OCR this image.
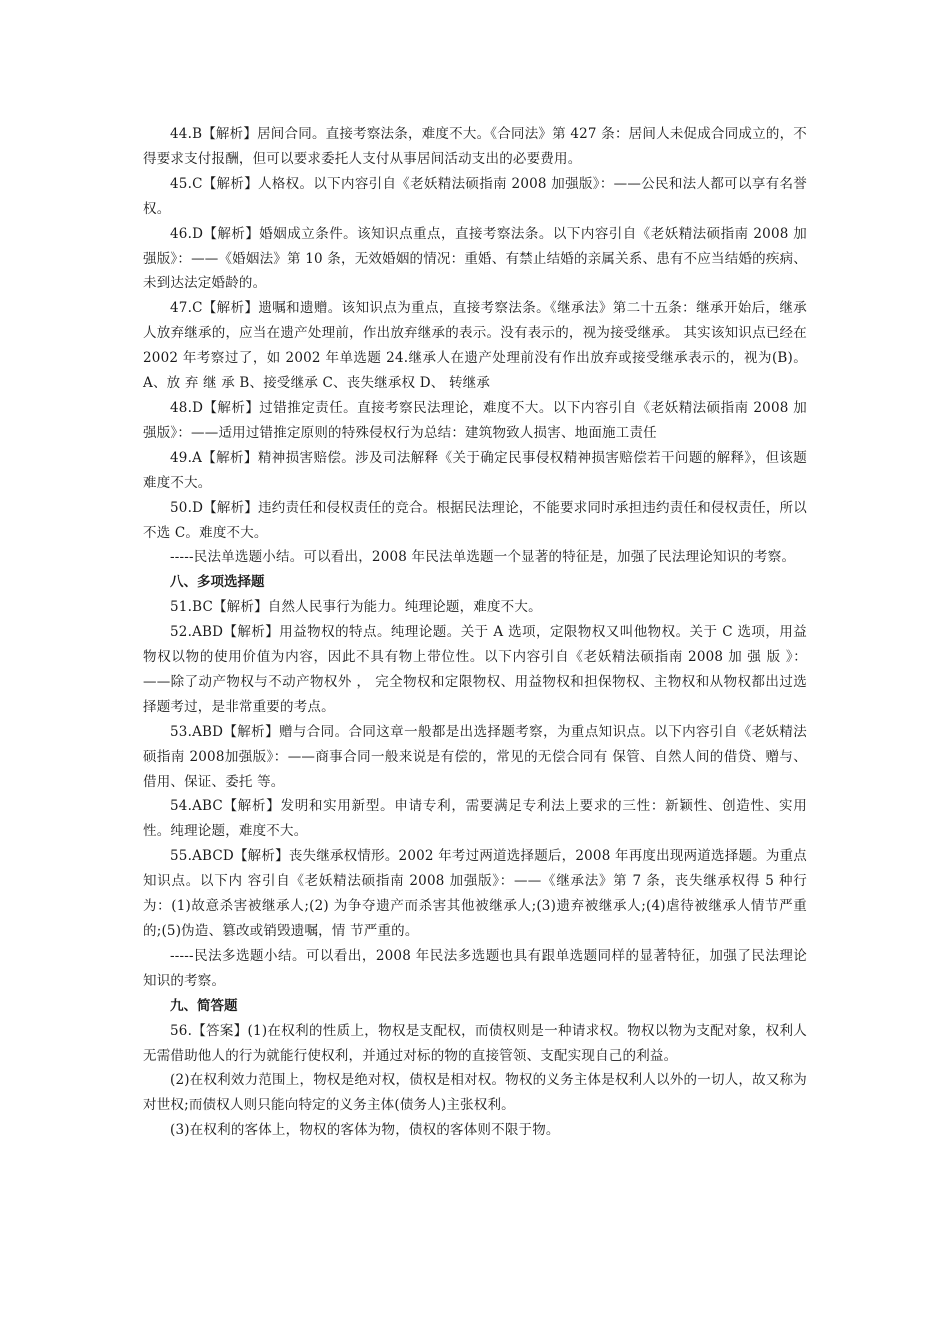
44.B【解析】居间合同。直接考察法条，难度不大。《合同法》第 427 条：居间人未促成合同成立的，不得要求支付报酬，但可以要求委托人支付从事居间活动支出的必要费用。

45.C【解析】人格权。以下内容引自《老妖精法硕指南 2008 加强版》：——公民和法人都可以享有名誉权。

46.D【解析】婚姻成立条件。该知识点重点，直接考察法条。以下内容引自《老妖精法硕指南 2008 加强版》：——《婚姻法》第 10 条，无效婚姻的情况：重婚、有禁止结婚的亲属关系、患有不应当结婚的疾病、未到达法定婚龄的。

47.C【解析】遗嘱和遗赠。该知识点为重点，直接考察法条。《继承法》第二十五条：继承开始后，继承人放弃继承的，应当在遗产处理前，作出放弃继承的表示。没有表示的，视为接受继承。 其实该知识点已经在 2002 年考察过了，如 2002 年单选题 24.继承人在遗产处理前没有作出放弃或接受继承表示的，视为(B)。 A、放 弃 继 承 B、接受继承 C、丧失继承权 D、 转继承

48.D【解析】过错推定责任。直接考察民法理论，难度不大。以下内容引自《老妖精法硕指南 2008 加强版》：——适用过错推定原则的特殊侵权行为总结：建筑物致人损害、地面施工责任

49.A【解析】精神损害赔偿。涉及司法解释《关于确定民事侵权精神损害赔偿若干问题的解释》，但该题难度不大。

50.D【解析】违约责任和侵权责任的竞合。根据民法理论，不能要求同时承担违约责任和侵权责任，所以不选 C。难度不大。

-----民法单选题小结。可以看出，2008 年民法单选题一个显著的特征是，加强了民法理论知识的考察。

八、多项选择题

51.BC【解析】自然人民事行为能力。纯理论题，难度不大。

52.ABD【解析】用益物权的特点。纯理论题。关于 A 选项，定限物权又叫他物权。关于 C 选项，用益物权以物的使用价值为内容，因此不具有物上带位性。以下内容引自《老妖精法硕指南 2008 加 强 版 》：——除了动产物权与不动产物权外 ， 完全物权和定限物权、用益物权和担保物权、主物权和从物权都出过选择题考过，是非常重要的考点。

53.ABD【解析】赠与合同。合同这章一般都是出选择题考察，为重点知识点。以下内容引自《老妖精法硕指南 2008加强版》：——商事合同一般来说是有偿的，常见的无偿合同有 保管、自然人间的借贷、赠与、借用、保证、委托 等。

54.ABC【解析】发明和实用新型。申请专利，需要满足专利法上要求的三性：新颖性、创造性、实用性。纯理论题，难度不大。

55.ABCD【解析】丧失继承权情形。2002 年考过两道选择题后，2008 年再度出现两道选择题。为重点知识点。以下内 容引自《老妖精法硕指南 2008 加强版》：——《继承法》第 7 条，丧失继承权得 5 种行为：(1)故意杀害被继承人;(2) 为争夺遗产而杀害其他被继承人;(3)遗弃被继承人;(4)虐待被继承人情节严重的;(5)伪造、篡改或销毁遗嘱，情 节严重的。

-----民法多选题小结。可以看出，2008 年民法多选题也具有跟单选题同样的显著特征，加强了民法理论知识的考察。

九、简答题

56.【答案】(1)在权利的性质上，物权是支配权，而债权则是一种请求权。物权以物为支配对象，权利人无需借助他人的行为就能行使权利，并通过对标的物的直接管领、支配实现自己的利益。

(2)在权利效力范围上，物权是绝对权，债权是相对权。物权的义务主体是权利人以外的一切人，故又称为对世权;而债权人则只能向特定的义务主体(债务人)主张权利。

(3)在权利的客体上，物权的客体为物，债权的客体则不限于物。
